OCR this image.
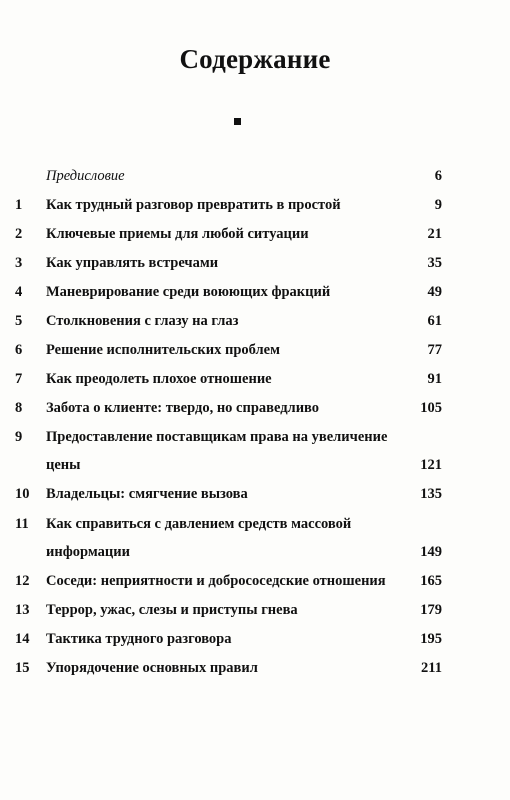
Содержание
Предисловие	6
1 Как трудный разговор превратить в простой	9
2 Ключевые приемы для любой ситуации	21
3 Как управлять встречами	35
4 Маневрирование среди воюющих фракций	49
5 Столкновения с глазу на глаз	61
6 Решение исполнительских проблем	77
7 Как преодолеть плохое отношение	91
8 Забота о клиенте: твердо, но справедливо	105
9 Предоставление поставщикам права на увеличение
цены	121
10 Владельцы: смягчение вызова	135
11 Как справиться с давлением средств массовой
информации	149
12 Соседи: неприятности и добрососедские отношения 165
13 Террор, ужас, слезы и приступы гнева	179
14 Тактика трудного разговора	195
15 Упорядочение основных правил	211
